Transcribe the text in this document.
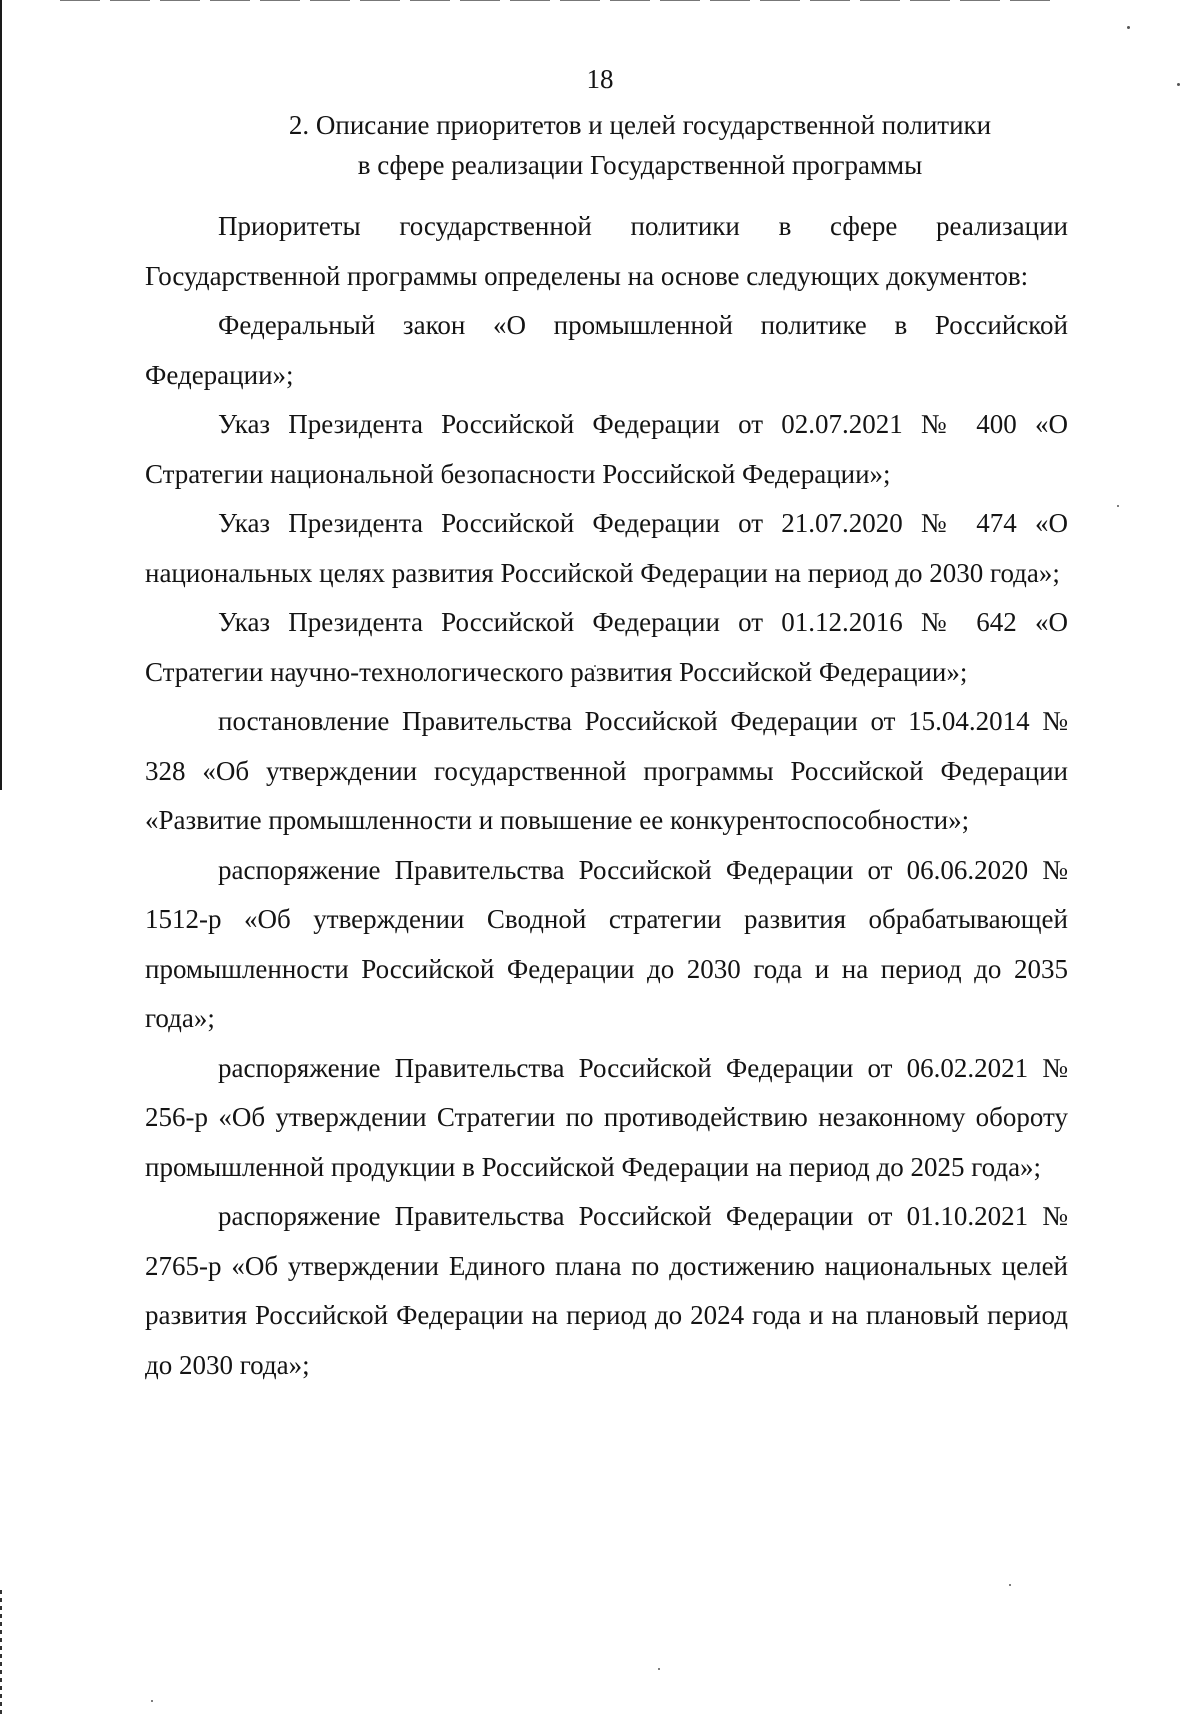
18
2. Описание приоритетов и целей государственной политики
в сфере реализации Государственной программы

Приоритеты государственной политики в сфере реализации Государственной программы определены на основе следующих документов:

Федеральный закон «О промышленной политике в Российской Федерации»;

Указ Президента Российской Федерации от 02.07.2021 № 400 «О Стратегии национальной безопасности Российской Федерации»;

Указ Президента Российской Федерации от 21.07.2020 № 474 «О национальных целях развития Российской Федерации на период до 2030 года»;

Указ Президента Российской Федерации от 01.12.2016 № 642 «О Стратегии научно-технологического развития Российской Федерации»;

постановление Правительства Российской Федерации от 15.04.2014 № 328 «Об утверждении государственной программы Российской Федерации «Развитие промышленности и повышение ее конкурентоспособности»;

распоряжение Правительства Российской Федерации от 06.06.2020 № 1512-р «Об утверждении Сводной стратегии развития обрабатывающей промышленности Российской Федерации до 2030 года и на период до 2035 года»;

распоряжение Правительства Российской Федерации от 06.02.2021 № 256-р «Об утверждении Стратегии по противодействию незаконному обороту промышленной продукции в Российской Федерации на период до 2025 года»;

распоряжение Правительства Российской Федерации от 01.10.2021 № 2765-р «Об утверждении Единого плана по достижению национальных целей развития Российской Федерации на период до 2024 года и на плановый период до 2030 года»;
